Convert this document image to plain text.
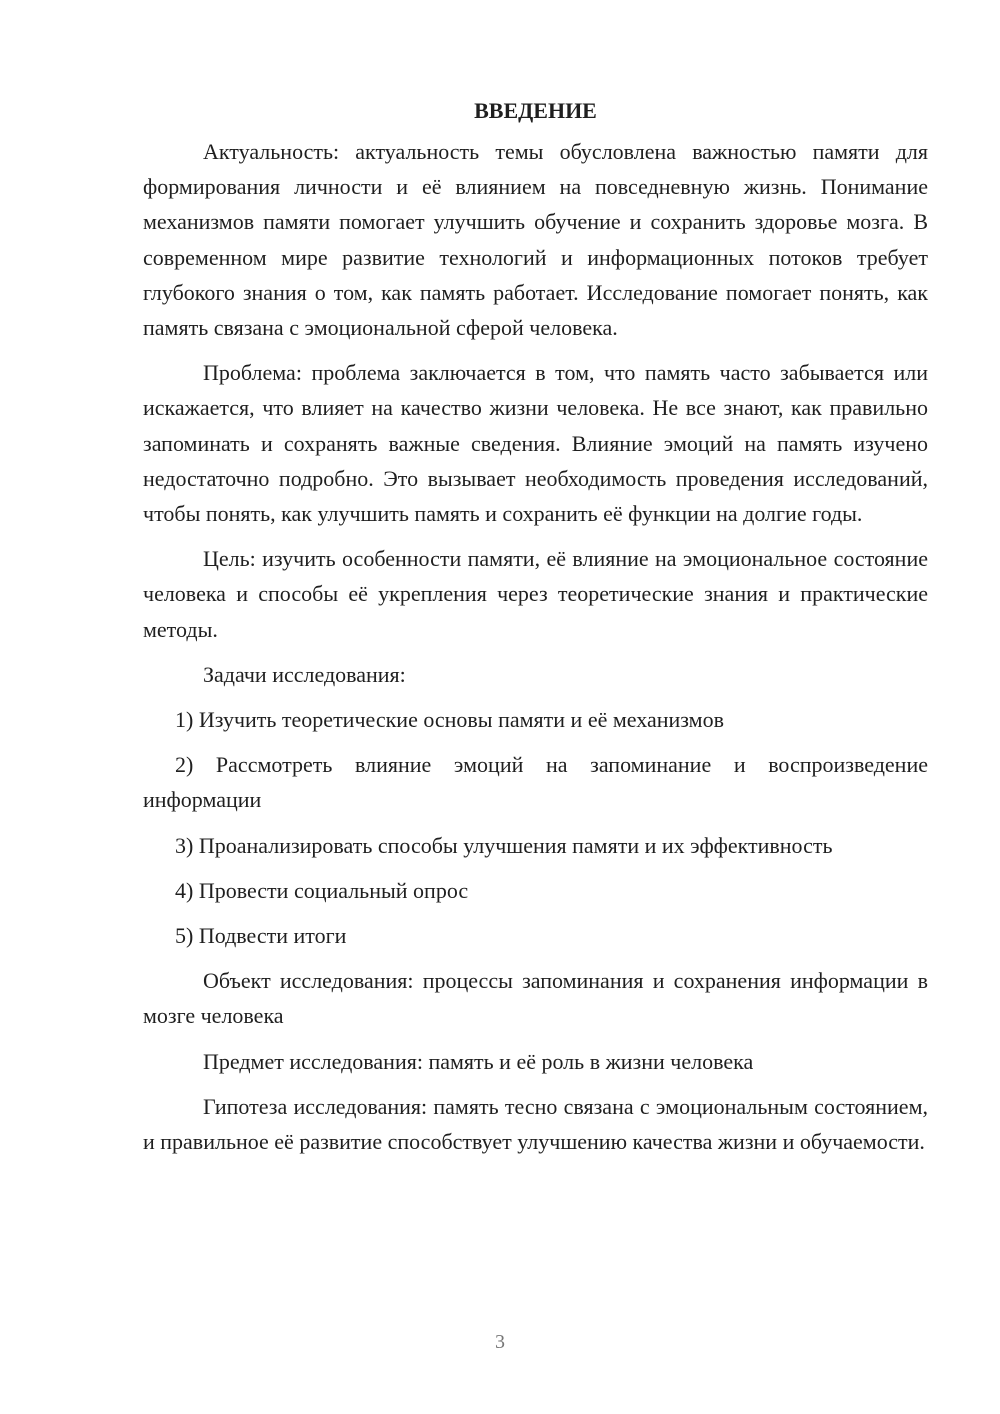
ВВЕДЕНИЕ

Актуальность: актуальность темы обусловлена важностью памяти для формирования личности и её влиянием на повседневную жизнь. Понимание механизмов памяти помогает улучшить обучение и сохранить здоровье мозга. В современном мире развитие технологий и информационных потоков требует глубокого знания о том, как память работает. Исследование помогает понять, как память связана с эмоциональной сферой человека.

Проблема: проблема заключается в том, что память часто забывается или искажается, что влияет на качество жизни человека. Не все знают, как правильно запоминать и сохранять важные сведения. Влияние эмоций на память изучено недостаточно подробно. Это вызывает необходимость проведения исследований, чтобы понять, как улучшить память и сохранить её функции на долгие годы.

Цель: изучить особенности памяти, её влияние на эмоциональное состояние человека и способы её укрепления через теоретические знания и практические методы.

Задачи исследования:

1) Изучить теоретические основы памяти и её механизмов

2) Рассмотреть влияние эмоций на запоминание и воспроизведение информации

3) Проанализировать способы улучшения памяти и их эффективность

4) Провести социальный опрос

5) Подвести итоги

Объект исследования: процессы запоминания и сохранения информации в мозге человека

Предмет исследования: память и её роль в жизни человека

Гипотеза исследования: память тесно связана с эмоциональным состоянием, и правильное её развитие способствует улучшению качества жизни и обучаемости.

3
